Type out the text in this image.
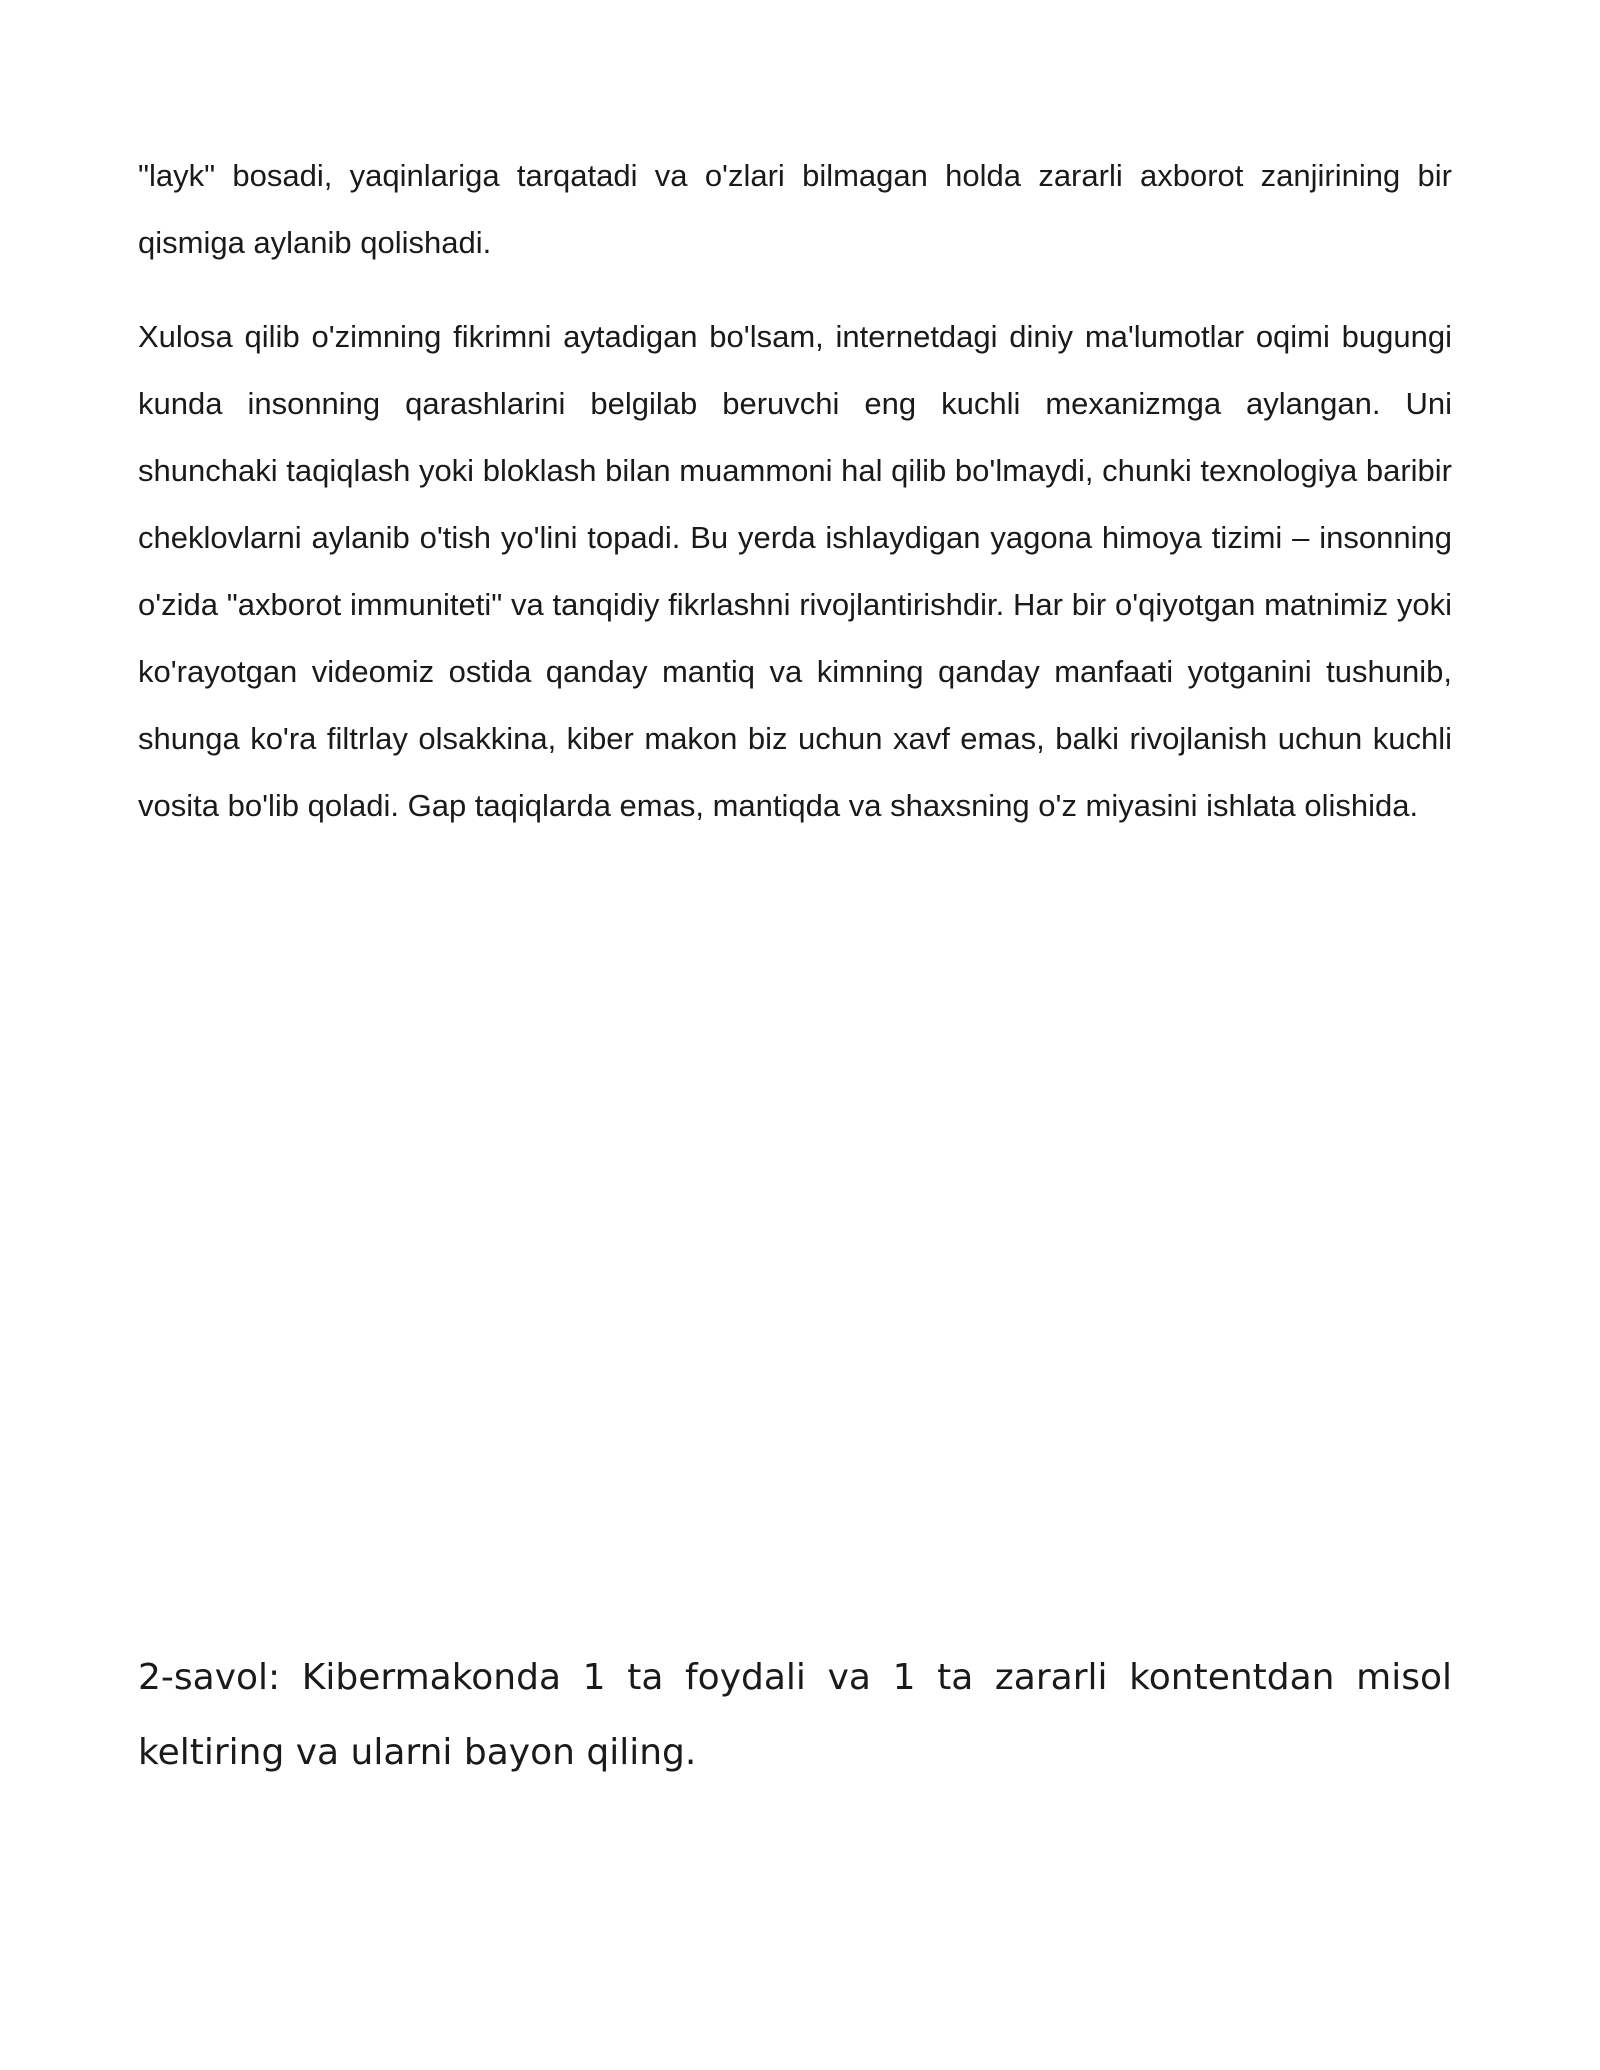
"layk" bosadi, yaqinlariga tarqatadi va o'zlari bilmagan holda zararli axborot zanjirining bir qismiga aylanib qolishadi.

Xulosa qilib o'zimning fikrimni aytadigan bo'lsam, internetdagi diniy ma'lumotlar oqimi bugungi kunda insonning qarashlarini belgilab beruvchi eng kuchli mexanizmga aylangan. Uni shunchaki taqiqlash yoki bloklash bilan muammoni hal qilib bo'lmaydi, chunki texnologiya baribir cheklovlarni aylanib o'tish yo'lini topadi. Bu yerda ishlaydigan yagona himoya tizimi – insonning o'zida "axborot immuniteti" va tanqidiy fikrlashni rivojlantirishdir. Har bir o'qiyotgan matnimiz yoki ko'rayotgan videomiz ostida qanday mantiq va kimning qanday manfaati yotganini tushunib, shunga ko'ra filtrlay olsakkina, kiber makon biz uchun xavf emas, balki rivojlanish uchun kuchli vosita bo'lib qoladi. Gap taqiqlarda emas, mantiqda va shaxsning o'z miyasini ishlata olishida.

2-savol: Kibermakonda 1 ta foydali va 1 ta zararli kontentdan misol keltiring va ularni bayon qiling.
